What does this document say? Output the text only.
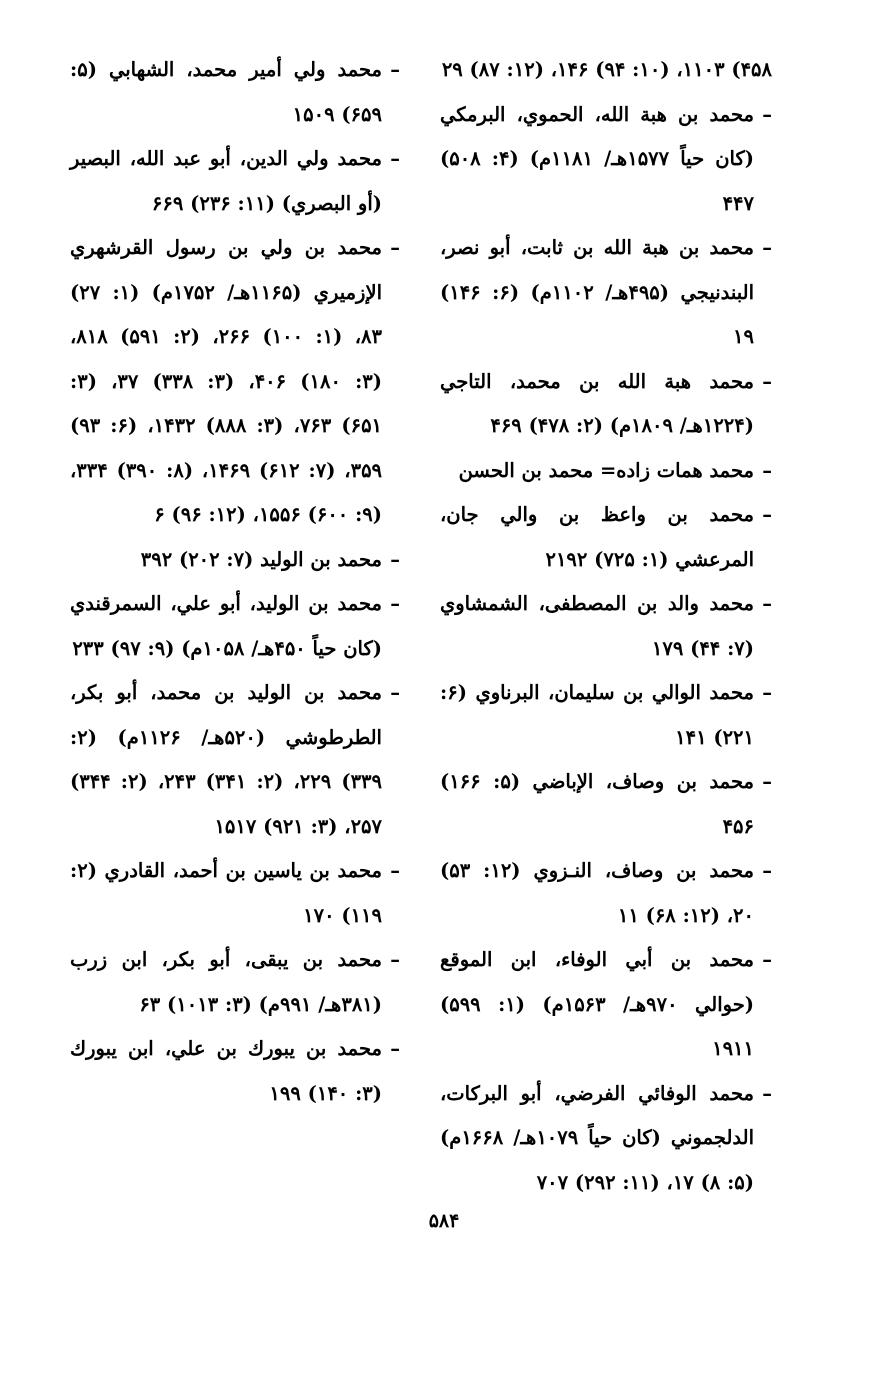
۴۵۸) ۱۱۰۳، (۱۰: ۹۴) ۱۴۶، (۱۲: ۸۷) ۲۹

–
محمد بن هبة الله، الحموي، البرمكي (كان حياً ۱۵۷۷هـ/ ۱۱۸۱م) (۴: ۵۰۸) ۴۴۷

–
محمد بن هبة الله بن ثابت، أبو نصر، البندنيجي (۴۹۵هـ/ ۱۱۰۲م) (۶: ۱۴۶) ۱۹

–
محمد هبة الله بن محمد، التاجي (۱۲۲۴هـ/ ۱۸۰۹م) (۲: ۴۷۸) ۴۶۹

–
محمد همات زاده= محمد بن الحسن

–
محمد بن واعظ بن والي جان، المرعشي (۱: ۷۲۵) ۲۱۹۲

–
محمد والد بن المصطفى، الشمشاوي (۷: ۴۴) ۱۷۹

–
محمد الوالي بن سليمان، البرناوي (۶: ۲۲۱) ۱۴۱

–
محمد بن وصاف، الإباضي (۵: ۱۶۶) ۴۵۶

–
محمد بن وصاف، النـزوي (۱۲: ۵۳) ۲۰، (۱۲: ۶۸) ۱۱

–
محمد بن أبي الوفاء، ابن الموقع (حوالي ۹۷۰هـ/ ۱۵۶۳م) (۱: ۵۹۹) ۱۹۱۱

–
محمد الوفائي الفرضي، أبو البركات، الدلجموني (كان حياً ۱۰۷۹هـ/ ۱۶۶۸م) (۵: ۸) ۱۷، (۱۱: ۲۹۲) ۷۰۷

–
محمد ولي أمير محمد، الشهابي (۵: ۶۵۹) ۱۵۰۹

–
محمد ولي الدين، أبو عبد الله، البصير (أو البصري) (۱۱: ۲۳۶) ۶۶۹

–
محمد بن ولي بن رسول القرشهري الإزميري (۱۱۶۵هـ/ ۱۷۵۲م) (۱: ۲۷) ۸۳، (۱: ۱۰۰) ۲۶۶، (۲: ۵۹۱) ۸۱۸، (۳: ۱۸۰) ۴۰۶، (۳: ۳۳۸) ۳۷، (۳: ۶۵۱) ۷۶۳، (۳: ۸۸۸) ۱۴۳۲، (۶: ۹۳) ۳۵۹، (۷: ۶۱۲) ۱۴۶۹، (۸: ۳۹۰) ۳۳۴، (۹: ۶۰۰) ۱۵۵۶، (۱۲: ۹۶) ۶

–
محمد بن الوليد (۷: ۲۰۲) ۳۹۲

–
محمد بن الوليد، أبو علي، السمرقندي (كان حياً ۴۵۰هـ/ ۱۰۵۸م) (۹: ۹۷) ۲۳۳

–
محمد بن الوليد بن محمد، أبو بكر، الطرطوشي (۵۲۰هـ/ ۱۱۲۶م) (۲: ۳۳۹) ۲۲۹، (۲: ۳۴۱) ۲۴۳، (۲: ۳۴۴) ۲۵۷، (۳: ۹۲۱) ۱۵۱۷

–
محمد بن ياسين بن أحمد، القادري (۲: ۱۱۹) ۱۷۰

–
محمد بن يبقى، أبو بكر، ابن زرب (۳۸۱هـ/ ۹۹۱م) (۳: ۱۰۱۳) ۶۳

–
محمد بن يبورك بن علي، ابن يبورك (۳: ۱۴۰) ۱۹۹

۵۸۴
